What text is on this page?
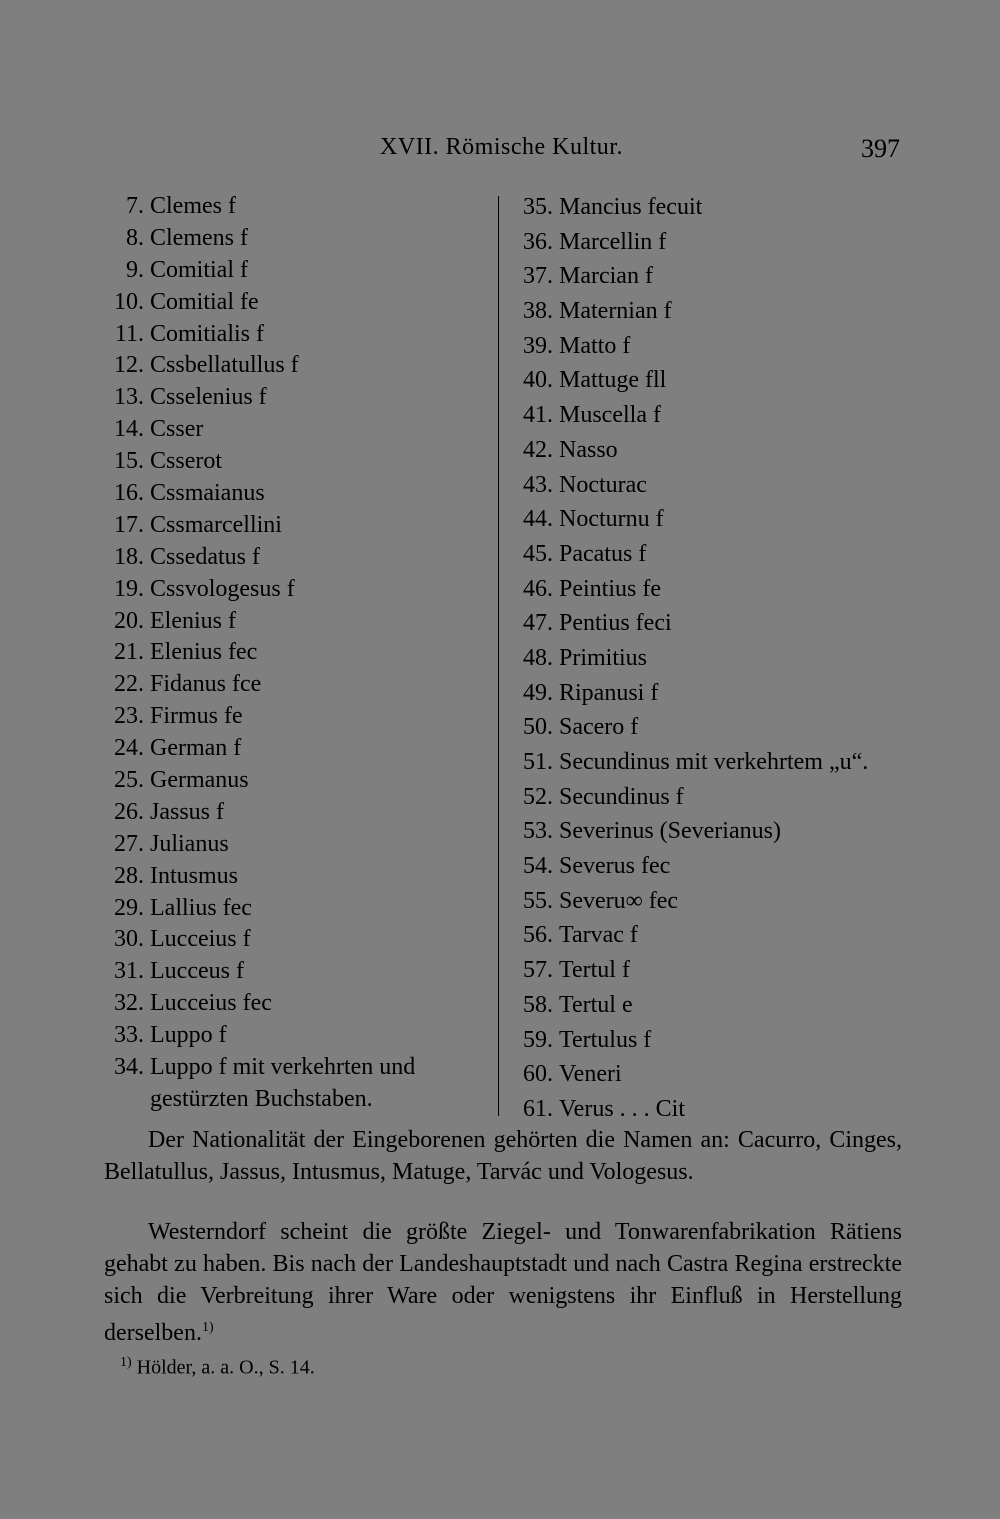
XVII. Römische Kultur.	397
7. Clemes f
8. Clemens f
9. Comitial f
10. Comitial fe
11. Comitialis f
12. Cssbellatullus f
13. Csselenius f
14. Csser
15. Csserot
16. Cssmaianus
17. Cssmarcellini
18. Cssedatus f
19. Cssvologesus f
20. Elenius f
21. Elenius fec
22. Fidanus fce
23. Firmus fe
24. German f
25. Germanus
26. Jassus f
27. Julianus
28. Intusmus
29. Lallius fec
30. Lucceius f
31. Lucceus f
32. Lucceius fec
33. Luppo f
34. Luppo f mit verkehrten und
gestürzten Buchstaben.
35. Mancius fecuit
36. Marcellin f
37. Marcian f
38. Maternian f
39. Matto f
40. Mattuge fll
41. Muscella f
42. Nasso
43. Nocturac
44. Nocturnu f
45. Pacatus f
46. Peintius fe
47. Pentius feci
48. Primitius
49. Ripanusi f
50. Sacero f
51. Secundinus mit verkehrtem „u“.
52. Secundinus f
53. Severinus (Severianus)
54. Severus fec
55. Severu∞ fec
56. Tarvac f
57. Tertul f
58. Tertul e
59. Tertulus f
60. Veneri
61. Verus . . . Cit
Der Nationalität der Eingeborenen gehörten die Namen an: Cacurro, Cinges, Bellatullus, Jassus, Intusmus, Matuge, Tarvác und Vologesus.
Westerndorf scheint die größte Ziegel- und Tonwarenfabrikation Rätiens gehabt zu haben. Bis nach der Landeshauptstadt und nach Castra Regina erstreckte sich die Verbreitung ihrer Ware oder wenigstens ihr Einfluß in Herstellung derselben.$^{1)}$
$^{1)}$ Hölder, a. a. O., S. 14.
